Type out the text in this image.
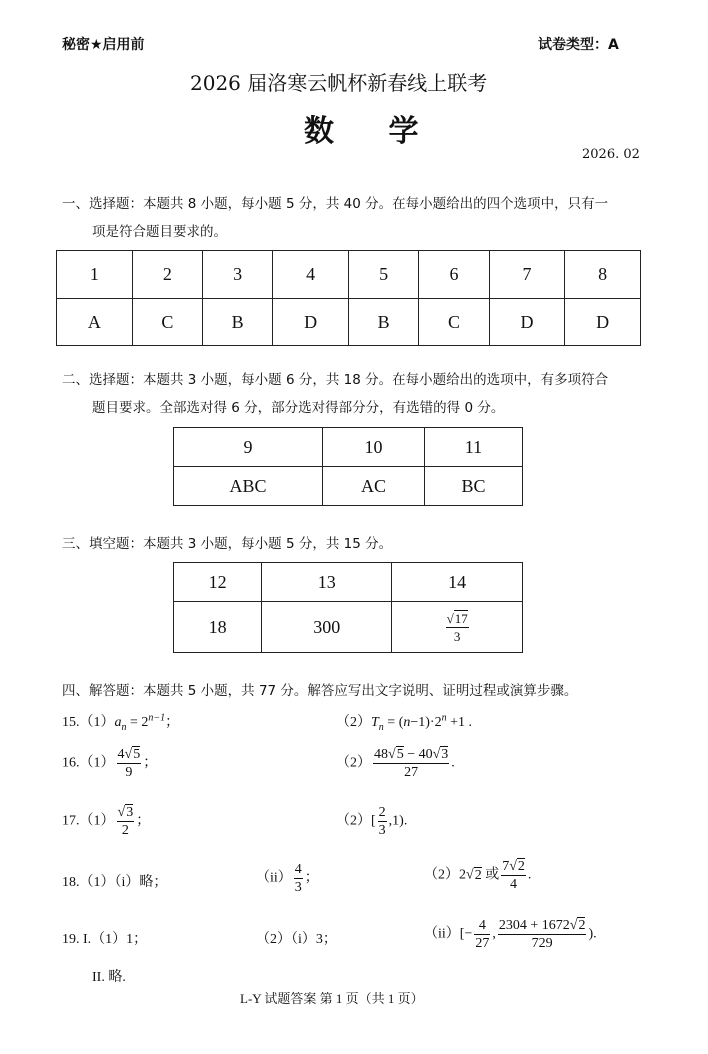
秘密★启用前	试卷类型：A
2026 届洛寒云帆杯新春线上联考
数 学
2026. 02
一、选择题：本题共 8 小题，每小题 5 分，共 40 分。在每小题给出的四个选项中，只有一
项是符合题目要求的。
1	2	3	4	5	6	7	8
A	C	B	D	B	C	D	D
二、选择题：本题共 3 小题，每小题 6 分，共 18 分。在每小题给出的选项中，有多项符合
题目要求。全部选对得 6 分，部分选对得部分分，有选错的得 0 分。
9	10	11
ABC	AC	BC
三、填空题：本题共 3 小题，每小题 5 分，共 15 分。
12	13	14
18	300	$\frac{√17}{3}$
四、解答题：本题共 5 小题，共 77 分。解答应写出文字说明、证明过程或演算步骤。
$15.(1)a_n = 2^{n-1}$；	$(2)T_n = (n-1)\cdot 2^n +1$ .
$16.(1) \frac{4√5}{9}$ ；	$(2) \frac{48√5 - 40√3}{27}$ .
$17.(1) \frac{√3}{2}$ ；	$(2)[ \frac{2}{3} ,1)$.
18.（1）（i）略；	$(ii) \frac{4}{3}$ ；	（2）2√2 或 $\frac{7√2}{4}$ .
19. I.（1）1；	（2）（i）3；	$(ii)[- \frac{4}{27}$ , $\frac{2304 + 1672√2}{729}$ ).
II. 略.
L-Y 试题答案 第 1 页（共 1 页）
